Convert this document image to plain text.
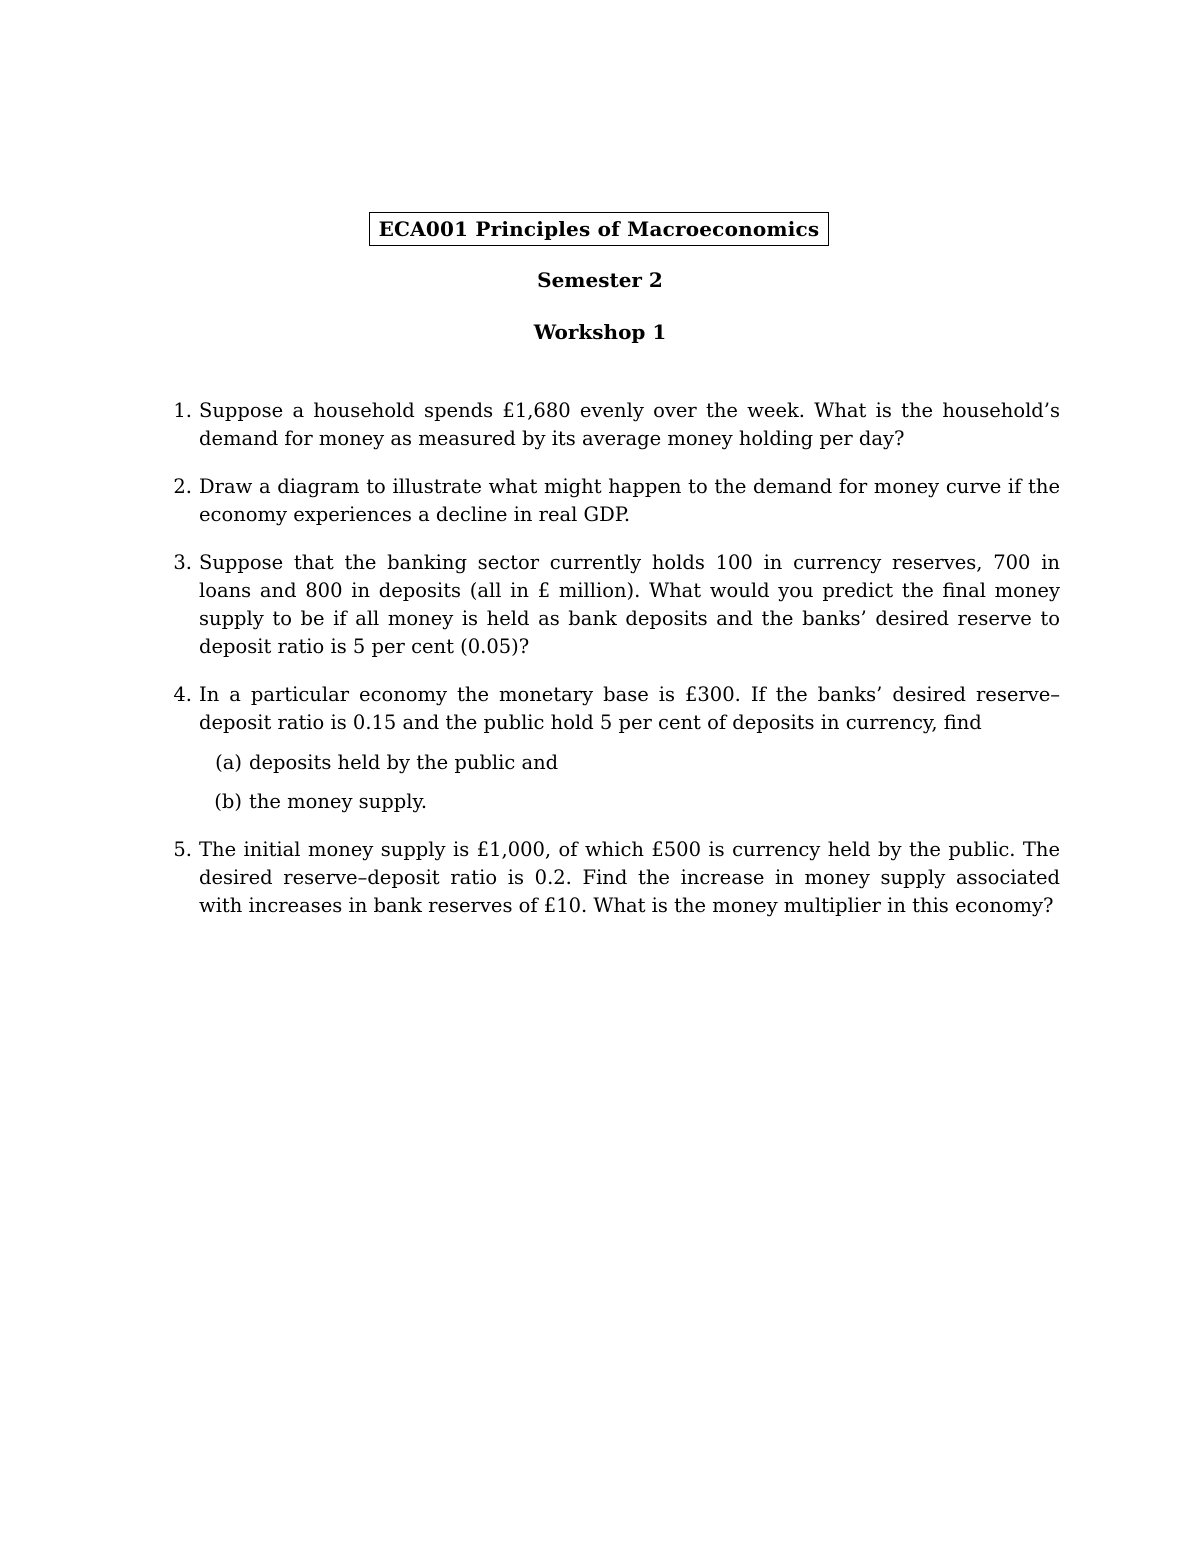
ECA001 Principles of Macroeconomics
Semester 2
Workshop 1
1. Suppose a household spends £1,680 evenly over the week. What is the household’s demand for money as measured by its average money holding per day?
2. Draw a diagram to illustrate what might happen to the demand for money curve if the economy experiences a decline in real GDP.
3. Suppose that the banking sector currently holds 100 in currency reserves, 700 in loans and 800 in deposits (all in £ million). What would you predict the final money supply to be if all money is held as bank deposits and the banks’ desired reserve to deposit ratio is 5 per cent (0.05)?
4. In a particular economy the monetary base is £300. If the banks’ desired reserve–deposit ratio is 0.15 and the public hold 5 per cent of deposits in currency, find
(a) deposits held by the public and
(b) the money supply.
5. The initial money supply is £1,000, of which £500 is currency held by the public. The desired reserve–deposit ratio is 0.2. Find the increase in money supply associated with increases in bank reserves of £10. What is the money multiplier in this economy?
